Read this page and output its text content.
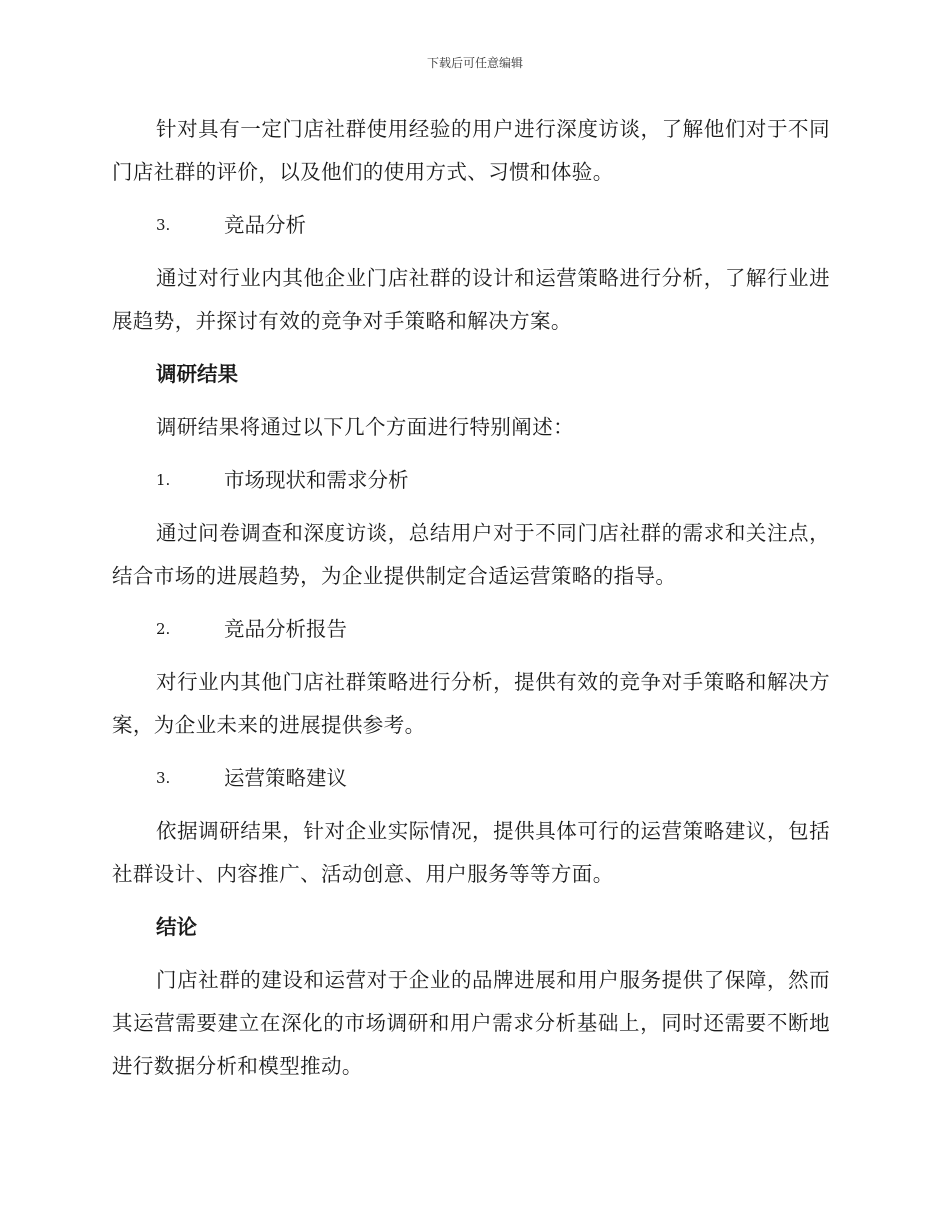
下载后可任意编辑

针对具有一定门店社群使用经验的用户进行深度访谈，了解他们对于不同门店社群的评价，以及他们的使用方式、习惯和体验。

3.	竞品分析

通过对行业内其他企业门店社群的设计和运营策略进行分析，了解行业进展趋势，并探讨有效的竞争对手策略和解决方案。

调研结果

调研结果将通过以下几个方面进行特别阐述：

1.	市场现状和需求分析

通过问卷调查和深度访谈，总结用户对于不同门店社群的需求和关注点，结合市场的进展趋势，为企业提供制定合适运营策略的指导。

2.	竞品分析报告

对行业内其他门店社群策略进行分析，提供有效的竞争对手策略和解决方案，为企业未来的进展提供参考。

3.	运营策略建议

依据调研结果，针对企业实际情况，提供具体可行的运营策略建议，包括社群设计、内容推广、活动创意、用户服务等等方面。

结论

门店社群的建设和运营对于企业的品牌进展和用户服务提供了保障，然而其运营需要建立在深化的市场调研和用户需求分析基础上，同时还需要不断地进行数据分析和模型推动。
